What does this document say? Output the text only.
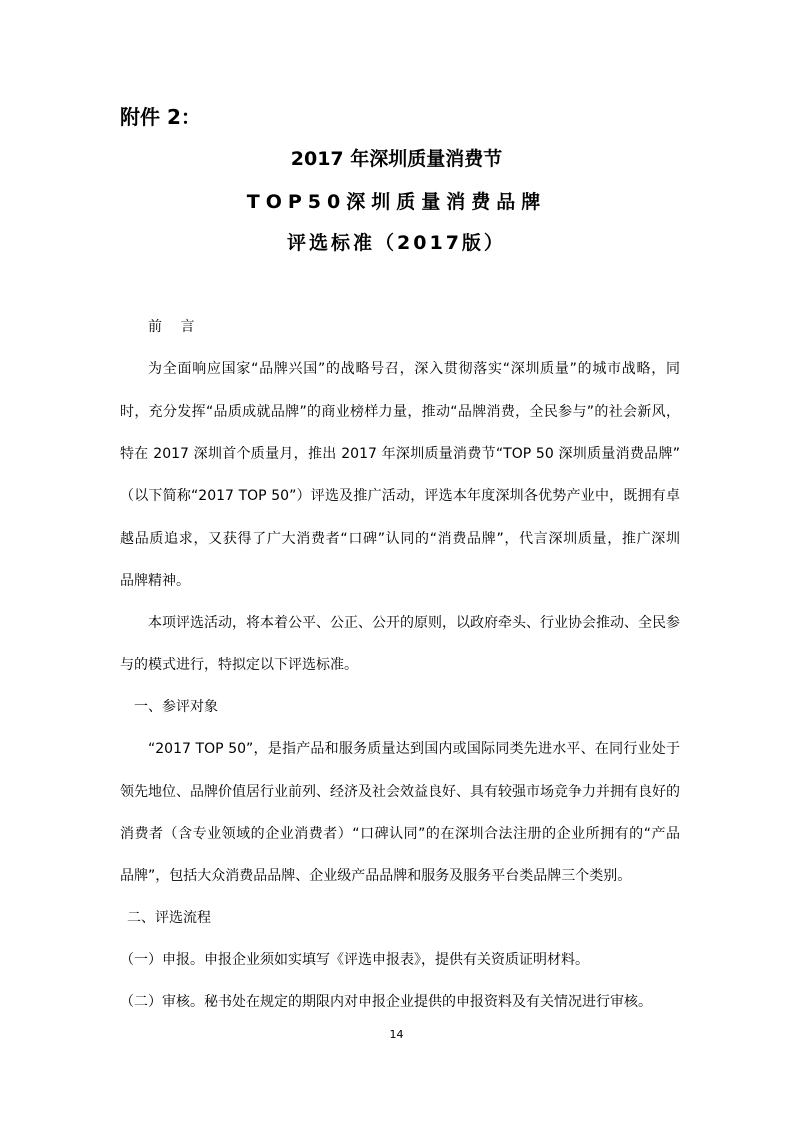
附件 2：
2017 年深圳质量消费节
TOP50深圳质量消费品牌
评选标准（2017版）
前 言
为全面响应国家“品牌兴国”的战略号召，深入贯彻落实“深圳质量”的城市战略，同
时，充分发挥“品质成就品牌”的商业榜样力量，推动“品牌消费，全民参与”的社会新风，
特在 2017 深圳首个质量月，推出 2017 年深圳质量消费节“TOP 50 深圳质量消费品牌”
（以下简称“2017 TOP 50”）评选及推广活动，评选本年度深圳各优势产业中，既拥有卓
越品质追求，又获得了广大消费者“口碑”认同的“消费品牌”，代言深圳质量，推广深圳
品牌精神。
本项评选活动，将本着公平、公正、公开的原则，以政府牵头、行业协会推动、全民参
与的模式进行，特拟定以下评选标准。
一、参评对象
“2017 TOP 50”，是指产品和服务质量达到国内或国际同类先进水平、在同行业处于
领先地位、品牌价值居行业前列、经济及社会效益良好、具有较强市场竞争力并拥有良好的
消费者（含专业领域的企业消费者）“口碑认同”的在深圳合法注册的企业所拥有的“产品
品牌”，包括大众消费品品牌、企业级产品品牌和服务及服务平台类品牌三个类别。
二、评选流程
（一）申报。申报企业须如实填写《评选申报表》，提供有关资质证明材料。
（二）审核。秘书处在规定的期限内对申报企业提供的申报资料及有关情况进行审核。
14
